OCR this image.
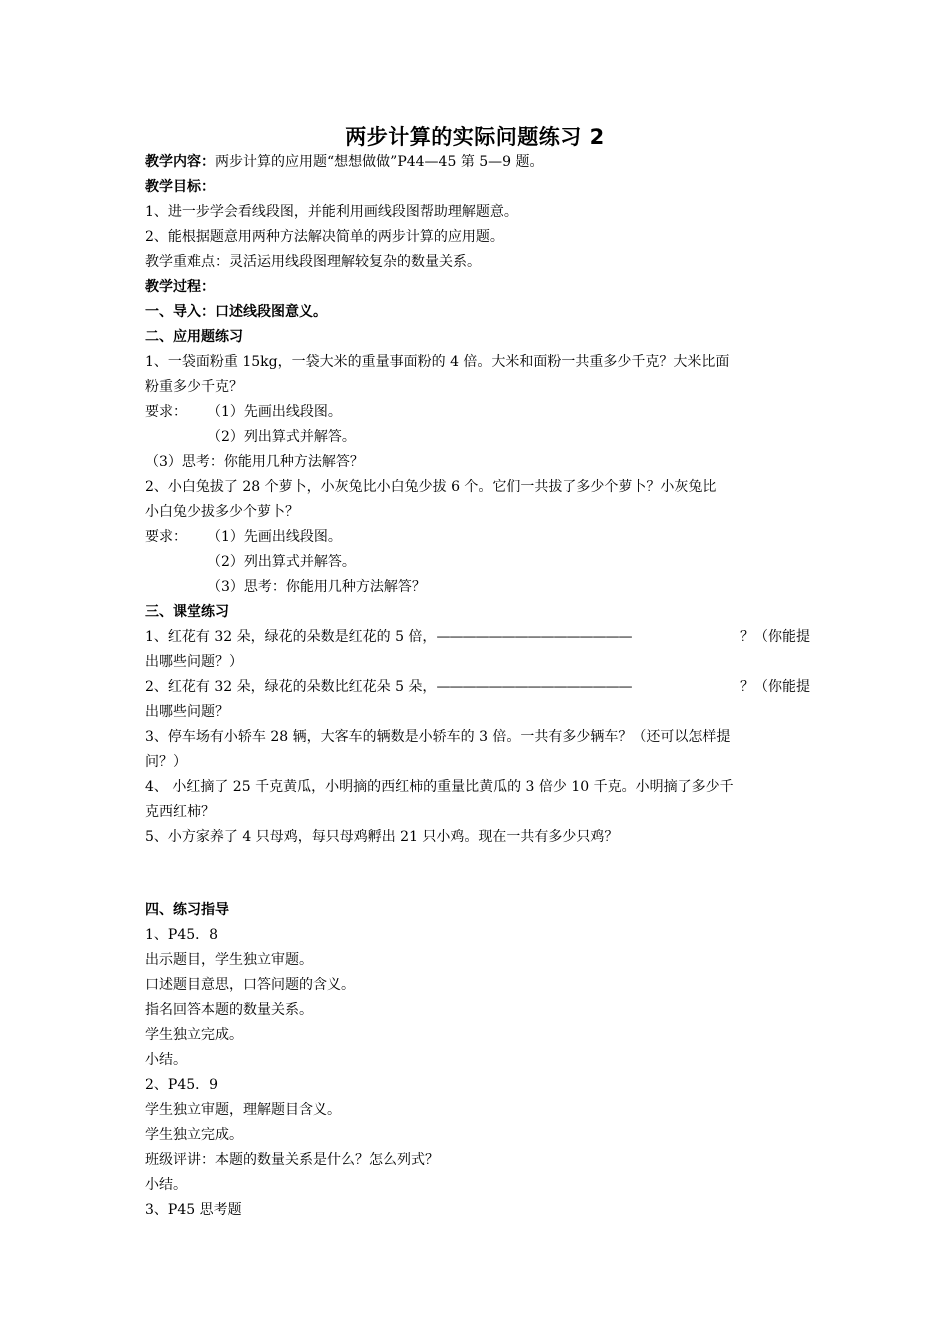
两步计算的实际问题练习 2
教学内容：两步计算的应用题“想想做做”P44—45 第 5—9 题。
教学目标：
1、进一步学会看线段图，并能利用画线段图帮助理解题意。
2、能根据题意用两种方法解决简单的两步计算的应用题。
教学重难点：灵活运用线段图理解较复杂的数量关系。
教学过程：
一、导入：口述线段图意义。
二、应用题练习
1、一袋面粉重 15kg，一袋大米的重量事面粉的 4 倍。大米和面粉一共重多少千克？大米比面
粉重多少千克？
要求： （1）先画出线段图。
（2）列出算式并解答。
（3）思考：你能用几种方法解答？
2、小白兔拔了 28 个萝卜，小灰兔比小白兔少拔 6 个。它们一共拔了多少个萝卜？小灰兔比
小白兔少拔多少个萝卜？
要求： （1）先画出线段图。
（2）列出算式并解答。
（3）思考：你能用几种方法解答？
三、课堂练习
1、红花有 32 朵，绿花的朵数是红花的 5 倍，———————————————	？（你能提
出哪些问题？）
2、红花有 32 朵，绿花的朵数比红花朵 5 朵，———————————————	？（你能提
出哪些问题？
3、停车场有小轿车 28 辆，大客车的辆数是小轿车的 3 倍。一共有多少辆车？（还可以怎样提
问？）
4、 小红摘了 25 千克黄瓜，小明摘的西红柿的重量比黄瓜的 3 倍少 10 千克。小明摘了多少千
克西红柿？
5、小方家养了 4 只母鸡，每只母鸡孵出 21 只小鸡。现在一共有多少只鸡？
四、练习指导
1、P45．8
出示题目，学生独立审题。
口述题目意思，口答问题的含义。
指名回答本题的数量关系。
学生独立完成。
小结。
2、P45．9
学生独立审题，理解题目含义。
学生独立完成。
班级评讲：本题的数量关系是什么？怎么列式？
小结。
3、P45 思考题
